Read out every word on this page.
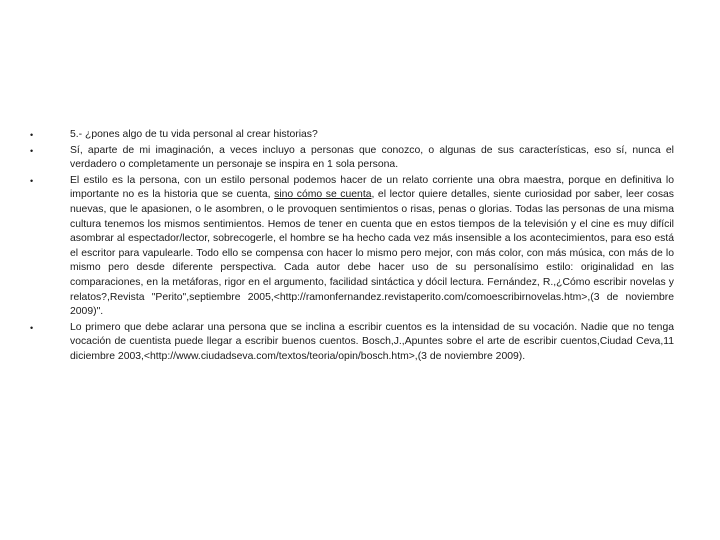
•	5.- ¿pones algo de tu vida personal al crear historias?
•	Sí, aparte de mi imaginación, a veces incluyo a personas que conozco, o algunas de sus características, eso sí, nunca el verdadero o completamente un personaje se inspira en 1 sola persona.
•	El estilo es la persona, con un estilo personal podemos hacer de un relato corriente una obra maestra, porque en definitiva lo importante no es la historia que se cuenta, sino cómo se cuenta, el lector quiere detalles, siente curiosidad por saber, leer cosas nuevas, que le apasionen, o le asombren, o le provoquen sentimientos o risas, penas o glorias. Todas las personas de una misma cultura tenemos los mismos sentimientos. Hemos de tener en cuenta que en estos tiempos de la televisión y el cine es muy difícil asombrar al espectador/lector, sobrecogerle, el hombre se ha hecho cada vez más insensible a los acontecimientos, para eso está el escritor para vapulearle. Todo ello se compensa con hacer lo mismo pero mejor, con más color, con más música, con más de lo mismo pero desde diferente perspectiva. Cada autor debe hacer uso de su personalísimo estilo: originalidad en las comparaciones, en la metáforas, rigor en el argumento, facilidad sintáctica y dócil lectura. Fernández, R.,¿Cómo escribir novelas y relatos?,Revista "Perito",septiembre 2005,<http://ramonfernandez.revistaperito.com/comoescribirnovelas.htm>,(3 de noviembre 2009)".
•	Lo primero que debe aclarar una persona que se inclina a escribir cuentos es la intensidad de su vocación. Nadie que no tenga vocación de cuentista puede llegar a escribir buenos cuentos. Bosch,J.,Apuntes sobre el arte de escribir cuentos,Ciudad Ceva,11 diciembre 2003,<http://www.ciudadseva.com/textos/teoria/opin/bosch.htm>,(3 de noviembre 2009).
